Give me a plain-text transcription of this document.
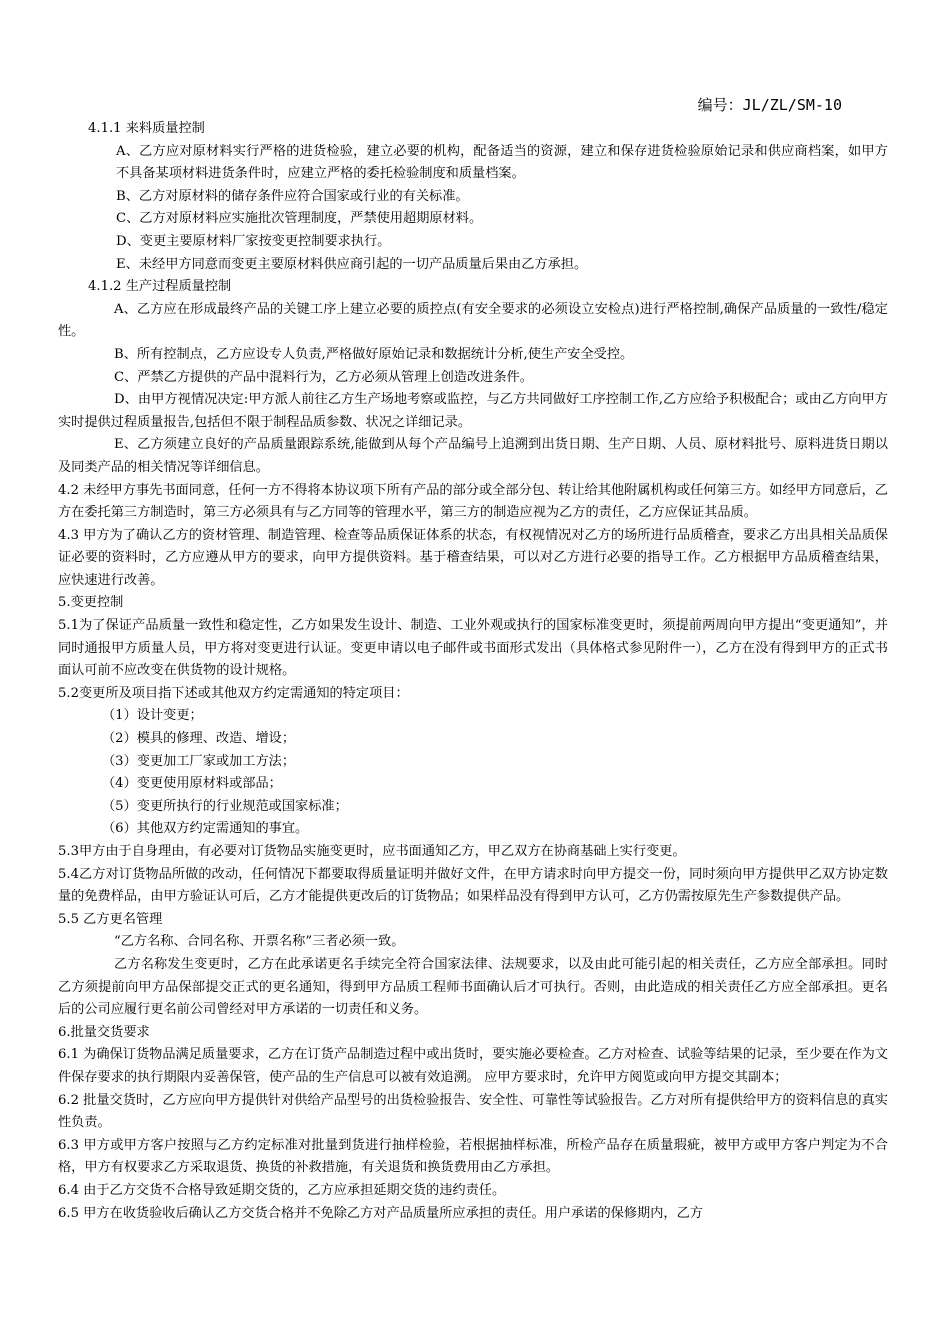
编号：JL/ZL/SM-10

4.1.1 来料质量控制

A、乙方应对原材料实行严格的进货检验，建立必要的机构，配备适当的资源，建立和保存进货检验原始记录和供应商档案，如甲方不具备某项材料进货条件时，应建立严格的委托检验制度和质量档案。

B、乙方对原材料的储存条件应符合国家或行业的有关标准。

C、乙方对原材料应实施批次管理制度，严禁使用超期原材料。

D、变更主要原材料厂家按变更控制要求执行。

E、未经甲方同意而变更主要原材料供应商引起的一切产品质量后果由乙方承担。

4.1.2 生产过程质量控制

A、乙方应在形成最终产品的关键工序上建立必要的质控点(有安全要求的必须设立安检点)进行严格控制,确保产品质量的一致性/稳定性。

B、所有控制点，乙方应设专人负责,严格做好原始记录和数据统计分析,使生产安全受控。

C、严禁乙方提供的产品中混料行为，乙方必须从管理上创造改进条件。

D、由甲方视情况决定:甲方派人前往乙方生产场地考察或监控，与乙方共同做好工序控制工作,乙方应给予积极配合；或由乙方向甲方实时提供过程质量报告,包括但不限于制程品质参数、状况之详细记录。

E、乙方须建立良好的产品质量跟踪系统,能做到从每个产品编号上追溯到出货日期、生产日期、人员、原材料批号、原料进货日期以及同类产品的相关情况等详细信息。

4.2 未经甲方事先书面同意，任何一方不得将本协议项下所有产品的部分或全部分包、转让给其他附属机构或任何第三方。如经甲方同意后，乙方在委托第三方制造时，第三方必须具有与乙方同等的管理水平，第三方的制造应视为乙方的责任，乙方应保证其品质。

4.3 甲方为了确认乙方的资材管理、制造管理、检查等品质保证体系的状态，有权视情况对乙方的场所进行品质稽查，要求乙方出具相关品质保证必要的资料时，乙方应遵从甲方的要求，向甲方提供资料。基于稽查结果，可以对乙方进行必要的指导工作。乙方根据甲方品质稽查结果，应快速进行改善。

5.变更控制

5.1为了保证产品质量一致性和稳定性，乙方如果发生设计、制造、工业外观或执行的国家标准变更时，须提前两周向甲方提出“变更通知”，并同时通报甲方质量人员，甲方将对变更进行认证。变更申请以电子邮件或书面形式发出（具体格式参见附件一），乙方在没有得到甲方的正式书面认可前不应改变在供货物的设计规格。

5.2变更所及项目指下述或其他双方约定需通知的特定项目：

（1）设计变更；

（2）模具的修理、改造、增设；

（3）变更加工厂家或加工方法；

（4）变更使用原材料或部品；

（5）变更所执行的行业规范或国家标准；

（6）其他双方约定需通知的事宜。

5.3甲方由于自身理由，有必要对订货物品实施变更时，应书面通知乙方，甲乙双方在协商基础上实行变更。

5.4乙方对订货物品所做的改动，任何情况下都要取得质量证明并做好文件，在甲方请求时向甲方提交一份，同时须向甲方提供甲乙双方协定数量的免费样品，由甲方验证认可后，乙方才能提供更改后的订货物品；如果样品没有得到甲方认可，乙方仍需按原先生产参数提供产品。

5.5 乙方更名管理

“乙方名称、合同名称、开票名称”三者必须一致。

乙方名称发生变更时，乙方在此承诺更名手续完全符合国家法律、法规要求，以及由此可能引起的相关责任，乙方应全部承担。同时乙方须提前向甲方品保部提交正式的更名通知，得到甲方品质工程师书面确认后才可执行。否则，由此造成的相关责任乙方应全部承担。更名后的公司应履行更名前公司曾经对甲方承诺的一切责任和义务。

6.批量交货要求

6.1 为确保订货物品满足质量要求，乙方在订货产品制造过程中或出货时，要实施必要检查。乙方对检查、试验等结果的记录，至少要在作为文件保存要求的执行期限内妥善保管，使产品的生产信息可以被有效追溯。 应甲方要求时，允许甲方阅览或向甲方提交其副本；

6.2 批量交货时，乙方应向甲方提供针对供给产品型号的出货检验报告、安全性、可靠性等试验报告。乙方对所有提供给甲方的资料信息的真实性负责。

6.3 甲方或甲方客户按照与乙方约定标准对批量到货进行抽样检验，若根据抽样标准，所检产品存在质量瑕疵，被甲方或甲方客户判定为不合格，甲方有权要求乙方采取退货、换货的补救措施，有关退货和换货费用由乙方承担。

6.4 由于乙方交货不合格导致延期交货的，乙方应承担延期交货的违约责任。

6.5 甲方在收货验收后确认乙方交货合格并不免除乙方对产品质量所应承担的责任。用户承诺的保修期内，乙方
